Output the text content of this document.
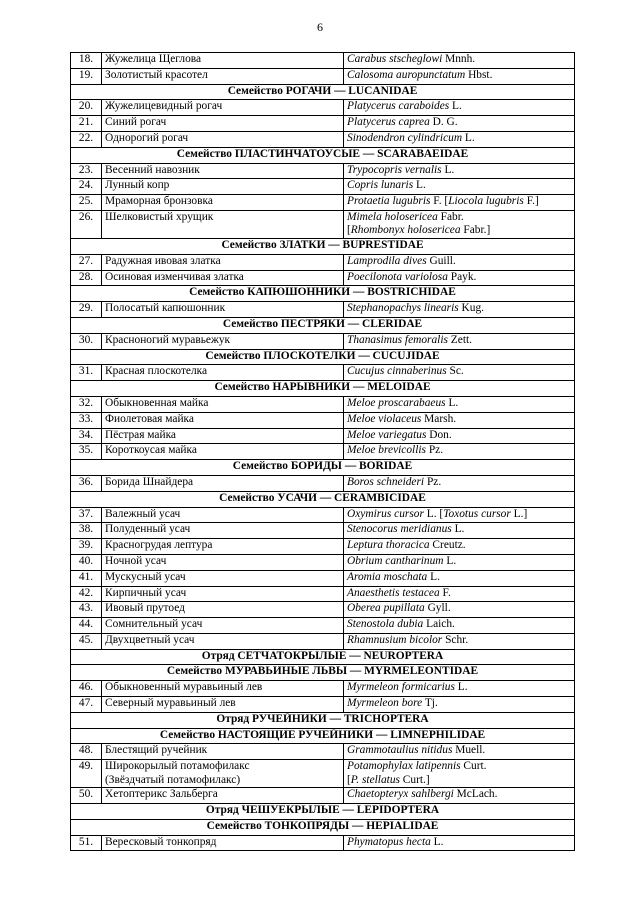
6
18.	Жужелица Щеглова	Carabus stscheglowi Mnnh.

19.	Золотистый красотел	Calosoma auropunctatum Hbst.

Семейство РОГАЧИ — LUCANIDAE		
20.	Жужелицевидный рогач	Platycerus caraboides L.

21.	Синий рогач	Platycerus caprea D. G.

22.	Однорогий рогач	Sinodendron cylindricum L.

Семейство ПЛАСТИНЧАТОУСЫЕ — SCARABAEIDAE		
23.	Весенний навозник	Trypocopris vernalis L.

24.	Лунный копр	Copris lunaris L.

25.	Мраморная бронзовка	Protaetia lugubris F. [Liocola lugubris F.]

26.	Шелковистый хрущик	Mimela holosericea Fabr.
[Rhombonyx holosericea Fabr.]

Семейство ЗЛАТКИ — BUPRESTIDAE		
27.	Радужная ивовая златка	Lamprodila dives Guill.

28.	Осиновая изменчивая златка	Poecilonota variolosa Payk.

Семейство КАПЮШОННИКИ — BOSTRICHIDAE		
29.	Полосатый капюшонник	Stephanopachys linearis Kug.

Семейство ПЕСТРЯКИ — CLERIDAE		
30.	Красноногий муравьежук	Thanasimus femoralis Zett.

Семейство ПЛОСКОТЕЛКИ — CUCUJIDAE		
31.	Красная плоскотелка	Cucujus cinnaberinus Sc.

Семейство НАРЫВНИКИ — MELOIDAE		
32.	Обыкновенная майка	Meloe proscarabaeus L.

33.	Фиолетовая майка	Meloe violaceus Marsh.

34.	Пёстрая майка	Meloe variegatus Don.

35.	Короткоусая майка	Meloe brevicollis Pz.

Семейство БОРИДЫ — BORIDAE		
36.	Борида Шнайдера	Boros schneideri Pz.

Семейство УСАЧИ — CERAMBICIDAE		
37.	Валежный усач	Oxymirus cursor L. [Toxotus cursor L.]

38.	Полуденный усач	Stenocorus meridianus L.

39.	Красногрудая лептура	Leptura thoracica Creutz.

40.	Ночной усач	Obrium cantharinum L.

41.	Мускусный усач	Aromia moschata L.

42.	Кирпичный усач	Anaesthetis testacea F.

43.	Ивовый прутоед	Oberea pupillata Gyll.

44.	Сомнительный усач	Stenostola dubia Laich.

45.	Двухцветный усач	Rhamnusium bicolor Schr.

Отряд СЕТЧАТОКРЫЛЫЕ — NEUROPTERA		
Семейство МУРАВЬИНЫЕ ЛЬВЫ — MYRMELEONTIDAE		
46.	Обыкновенный муравьиный лев	Myrmeleon formicarius L.

47.	Северный муравьиный лев	Myrmeleon bore Tj.

Отряд РУЧЕЙНИКИ — TRICHOPTERA		
Семейство НАСТОЯЩИЕ РУЧЕЙНИКИ — LIMNEPHILIDAE		
48.	Блестящий ручейник	Grammotaulius nitidus Muell.

49.	Широкорылый потамофилакс
(Звёздчатый потамофилакс)	Potamophylax latipennis Curt.
[P. stellatus Curt.]

50.	Хетоптерикс Зальберга	Chaetopteryx sahlbergi McLach.

Отряд ЧЕШУЕКРЫЛЫЕ — LEPIDOPTERA		
Семейство ТОНКОПРЯДЫ — HEPIALIDAE		
51.	Вересковый тонкопряд	Phymatopus hecta L.
